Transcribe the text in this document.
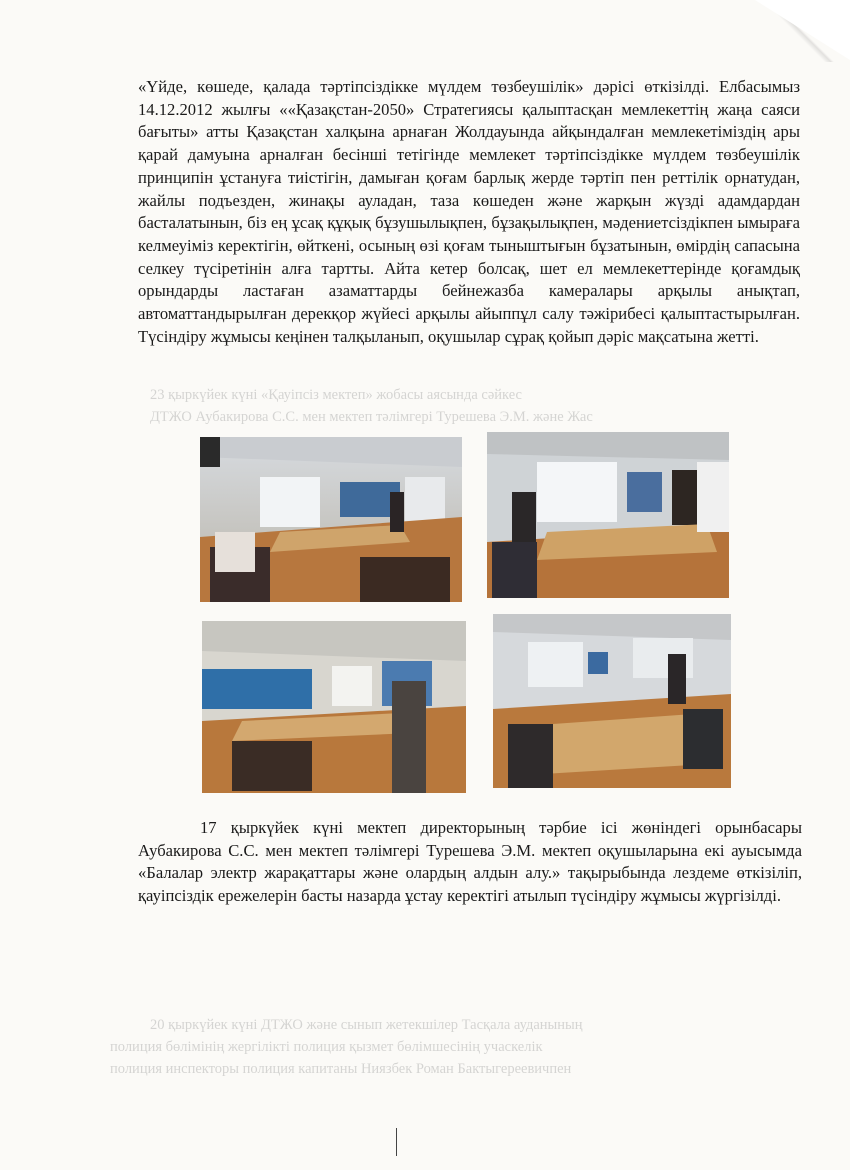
23 қыркүйек күні «Қауіпсіз мектеп» жобасы аясында сәйкес
ДТЖО Аубакирова С.С. мен мектеп тәлімгері Турешева Э.М. және Жас
20 қыркүйек күні ДТЖО және сынып жетекшілер Тасқала ауданының
полиция бөлімінің жергілікті полиция қызмет бөлімшесінің учаскелік
полиция инспекторы полиция капитаны Ниязбек Роман Бактыгереевичпен
«Үйде, көшеде, қалада тәртіпсіздікке мүлдем төзбеушілік» дәрісі өткізілді. Елбасымыз 14.12.2012 жылғы ««Қазақстан-2050» Стратегиясы қалыптасқан мемлекеттің жаңа саяси бағыты» атты Қазақстан халқына арнаған Жолдауында айқындалған мемлекетіміздің ары қарай дамуына арналған бесінші тетігінде мемлекет тәртіпсіздікке мүлдем төзбеушілік принципін ұстануға тиістігін, дамыған қоғам барлық жерде тәртіп пен реттілік орнатудан, жайлы подъезден, жинақы ауладан, таза көшеден және жарқын жүзді адамдардан басталатынын, біз ең ұсақ құқық бұзушылықпен, бұзақылықпен, мәдениетсіздікпен ымыраға келмеуіміз керектігін, өйткені, осының өзі қоғам тыныштығын бұзатынын, өмірдің сапасына селкеу түсіретінін алға тартты. Айта кетер болсақ, шет ел мемлекеттерінде қоғамдық орындарды ластаған азаматтарды бейнежазба камералары арқылы анықтап, автоматтандырылған дерекқор жүйесі арқылы айыппұл салу тәжірибесі қалыптастырылған. Түсіндіру жұмысы кеңінен талқыланып, оқушылар сұрақ қойып дәріс мақсатына жетті.
17 қыркүйек күні мектеп директорының тәрбие ісі жөніндегі орынбасары Аубакирова С.С. мен мектеп тәлімгері Турешева Э.М. мектеп оқушыларына екі ауысымда «Балалар электр жарақаттары және олардың алдын алу.» тақырыбында лездеме өткізіліп, қауіпсіздік ережелерін басты назарда ұстау керектігі атылып түсіндіру жұмысы жүргізілді.
